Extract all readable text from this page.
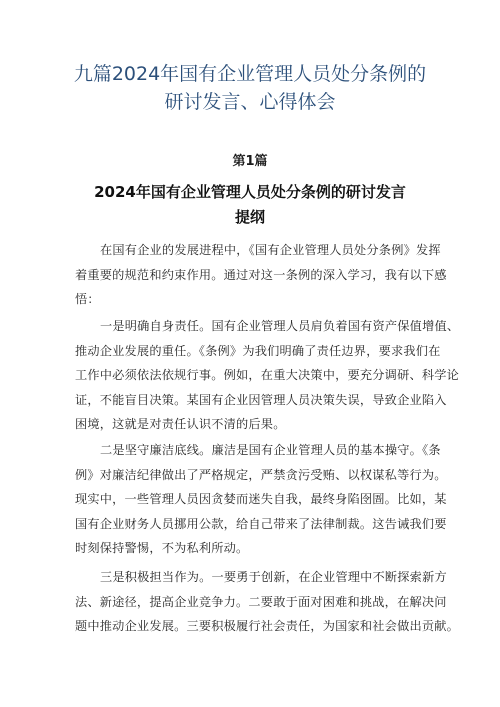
九篇2024年国有企业管理人员处分条例的
研讨发言、心得体会
第1篇
2024年国有企业管理人员处分条例的研讨发言
提纲
在国有企业的发展进程中，《国有企业管理人员处分条例》发挥
着重要的规范和约束作用。通过对这一条例的深入学习，我有以下感
悟：
一是明确自身责任。国有企业管理人员肩负着国有资产保值增值、
推动企业发展的重任。《条例》为我们明确了责任边界，要求我们在
工作中必须依法依规行事。例如，在重大决策中，要充分调研、科学论
证，不能盲目决策。某国有企业因管理人员决策失误，导致企业陷入
困境，这就是对责任认识不清的后果。
二是坚守廉洁底线。廉洁是国有企业管理人员的基本操守。《条
例》对廉洁纪律做出了严格规定，严禁贪污受贿、以权谋私等行为。
现实中，一些管理人员因贪婪而迷失自我，最终身陷囹圄。比如，某
国有企业财务人员挪用公款，给自己带来了法律制裁。这告诫我们要
时刻保持警惕，不为私利所动。
三是积极担当作为。一要勇于创新，在企业管理中不断探索新方
法、新途径，提高企业竞争力。二要敢于面对困难和挑战，在解决问
题中推动企业发展。三要积极履行社会责任，为国家和社会做出贡献。
